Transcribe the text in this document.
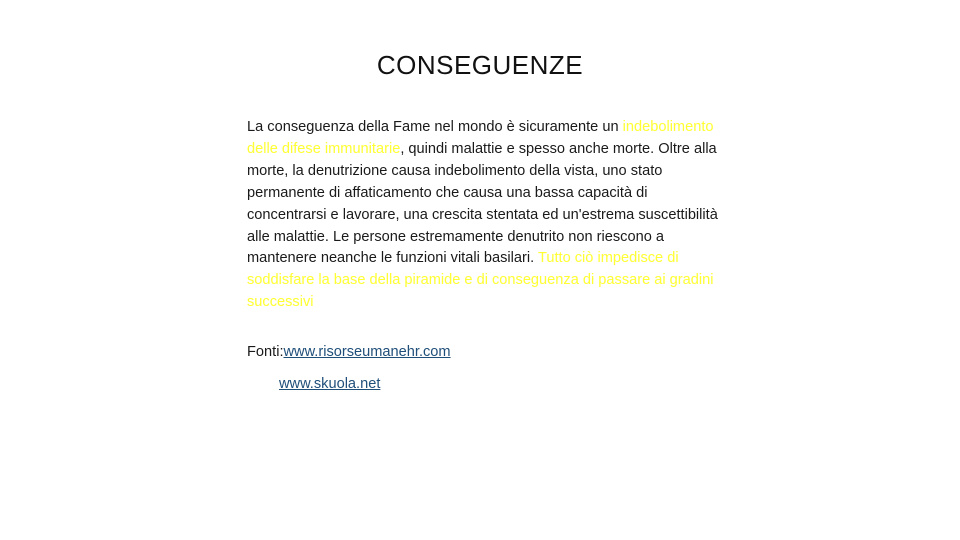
CONSEGUENZE
La conseguenza della Fame nel mondo è sicuramente un indebolimento delle difese immunitarie, quindi malattie e spesso anche morte. Oltre alla morte, la denutrizione causa indebolimento della vista, uno stato permanente di affaticamento che causa una bassa capacità di concentrarsi e lavorare, una crescita stentata ed un'estrema suscettibilità alle malattie. Le persone estremamente denutrito non riescono a mantenere neanche le funzioni vitali basilari. Tutto ciò impedisce di soddisfare la base della piramide e di conseguenza di passare ai gradini successivi
Fonti:www.risorseumanehr.com
www.skuola.net
